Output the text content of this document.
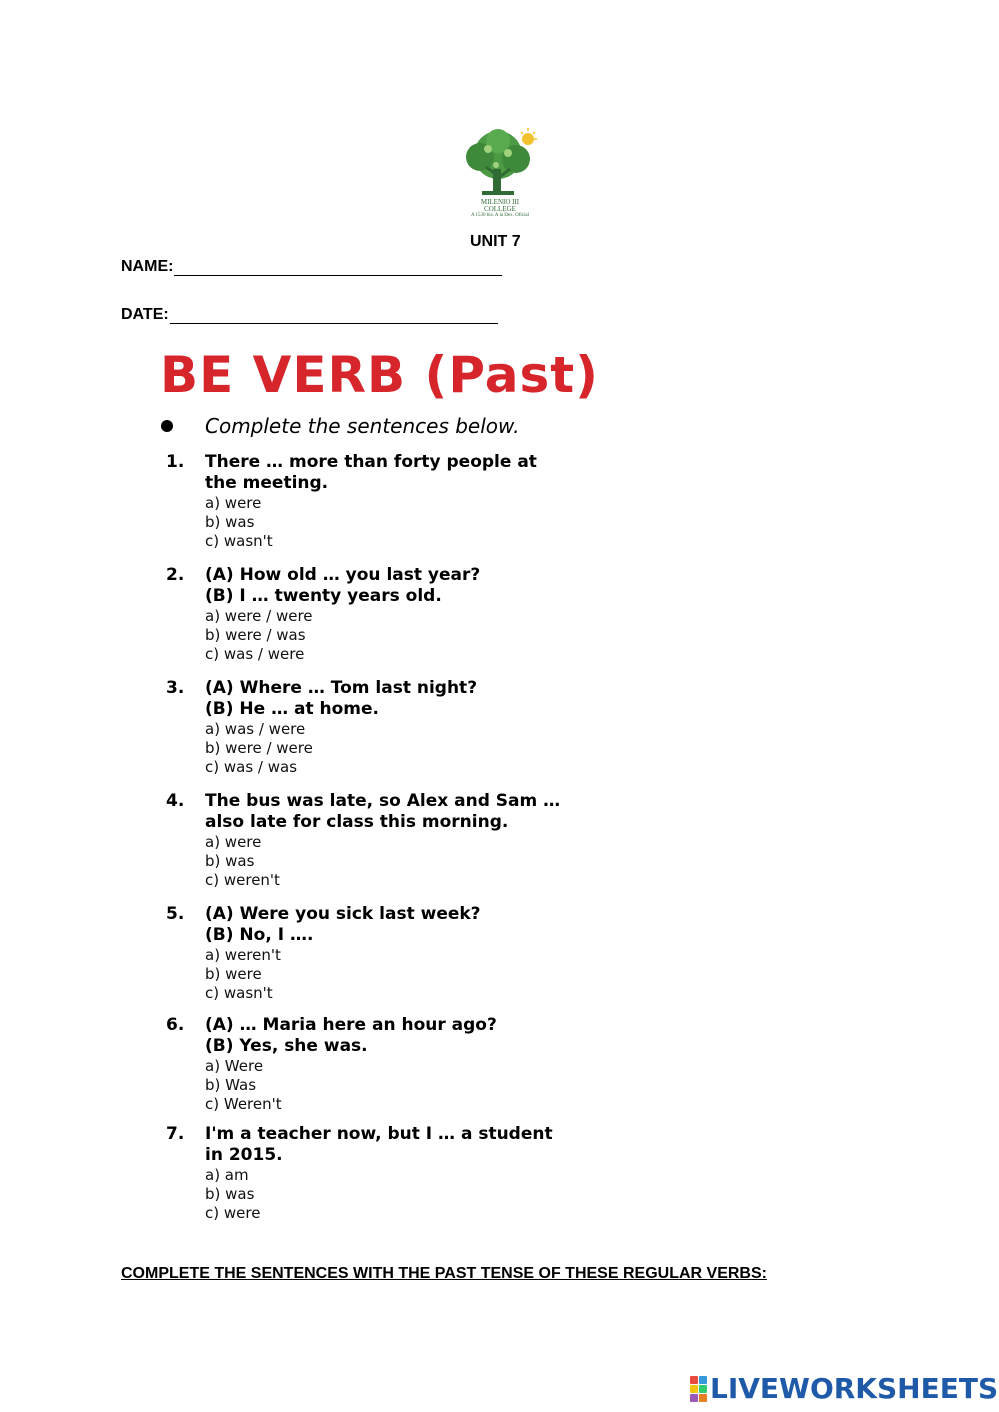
MILENIO III
COLLEGE
A 1530 bis. A la Dex. Oficial
UNIT 7
NAME:
DATE:
BE VERB (Past)
Complete the sentences below.
1.	There … more than forty people at
the meeting.
a) were
b) was
c) wasn't
2.	(A) How old … you last year?
(B) I … twenty years old.
a) were / were
b) were / was
c) was / were
3.	(A) Where … Tom last night?
(B) He … at home.
a) was / were
b) were / were
c) was / was
4.	The bus was late, so Alex and Sam …
also late for class this morning.
a) were
b) was
c) weren't
5.	(A) Were you sick last week?
(B) No, I ….
a) weren't
b) were
c) wasn't
6.	(A) … Maria here an hour ago?
(B) Yes, she was.
a) Were
b) Was
c) Weren't
7.	I'm a teacher now, but I … a student
in 2015.
a) am
b) was
c) were
COMPLETE THE SENTENCES WITH THE PAST TENSE OF THESE REGULAR VERBS:
LIVEWORKSHEETS
